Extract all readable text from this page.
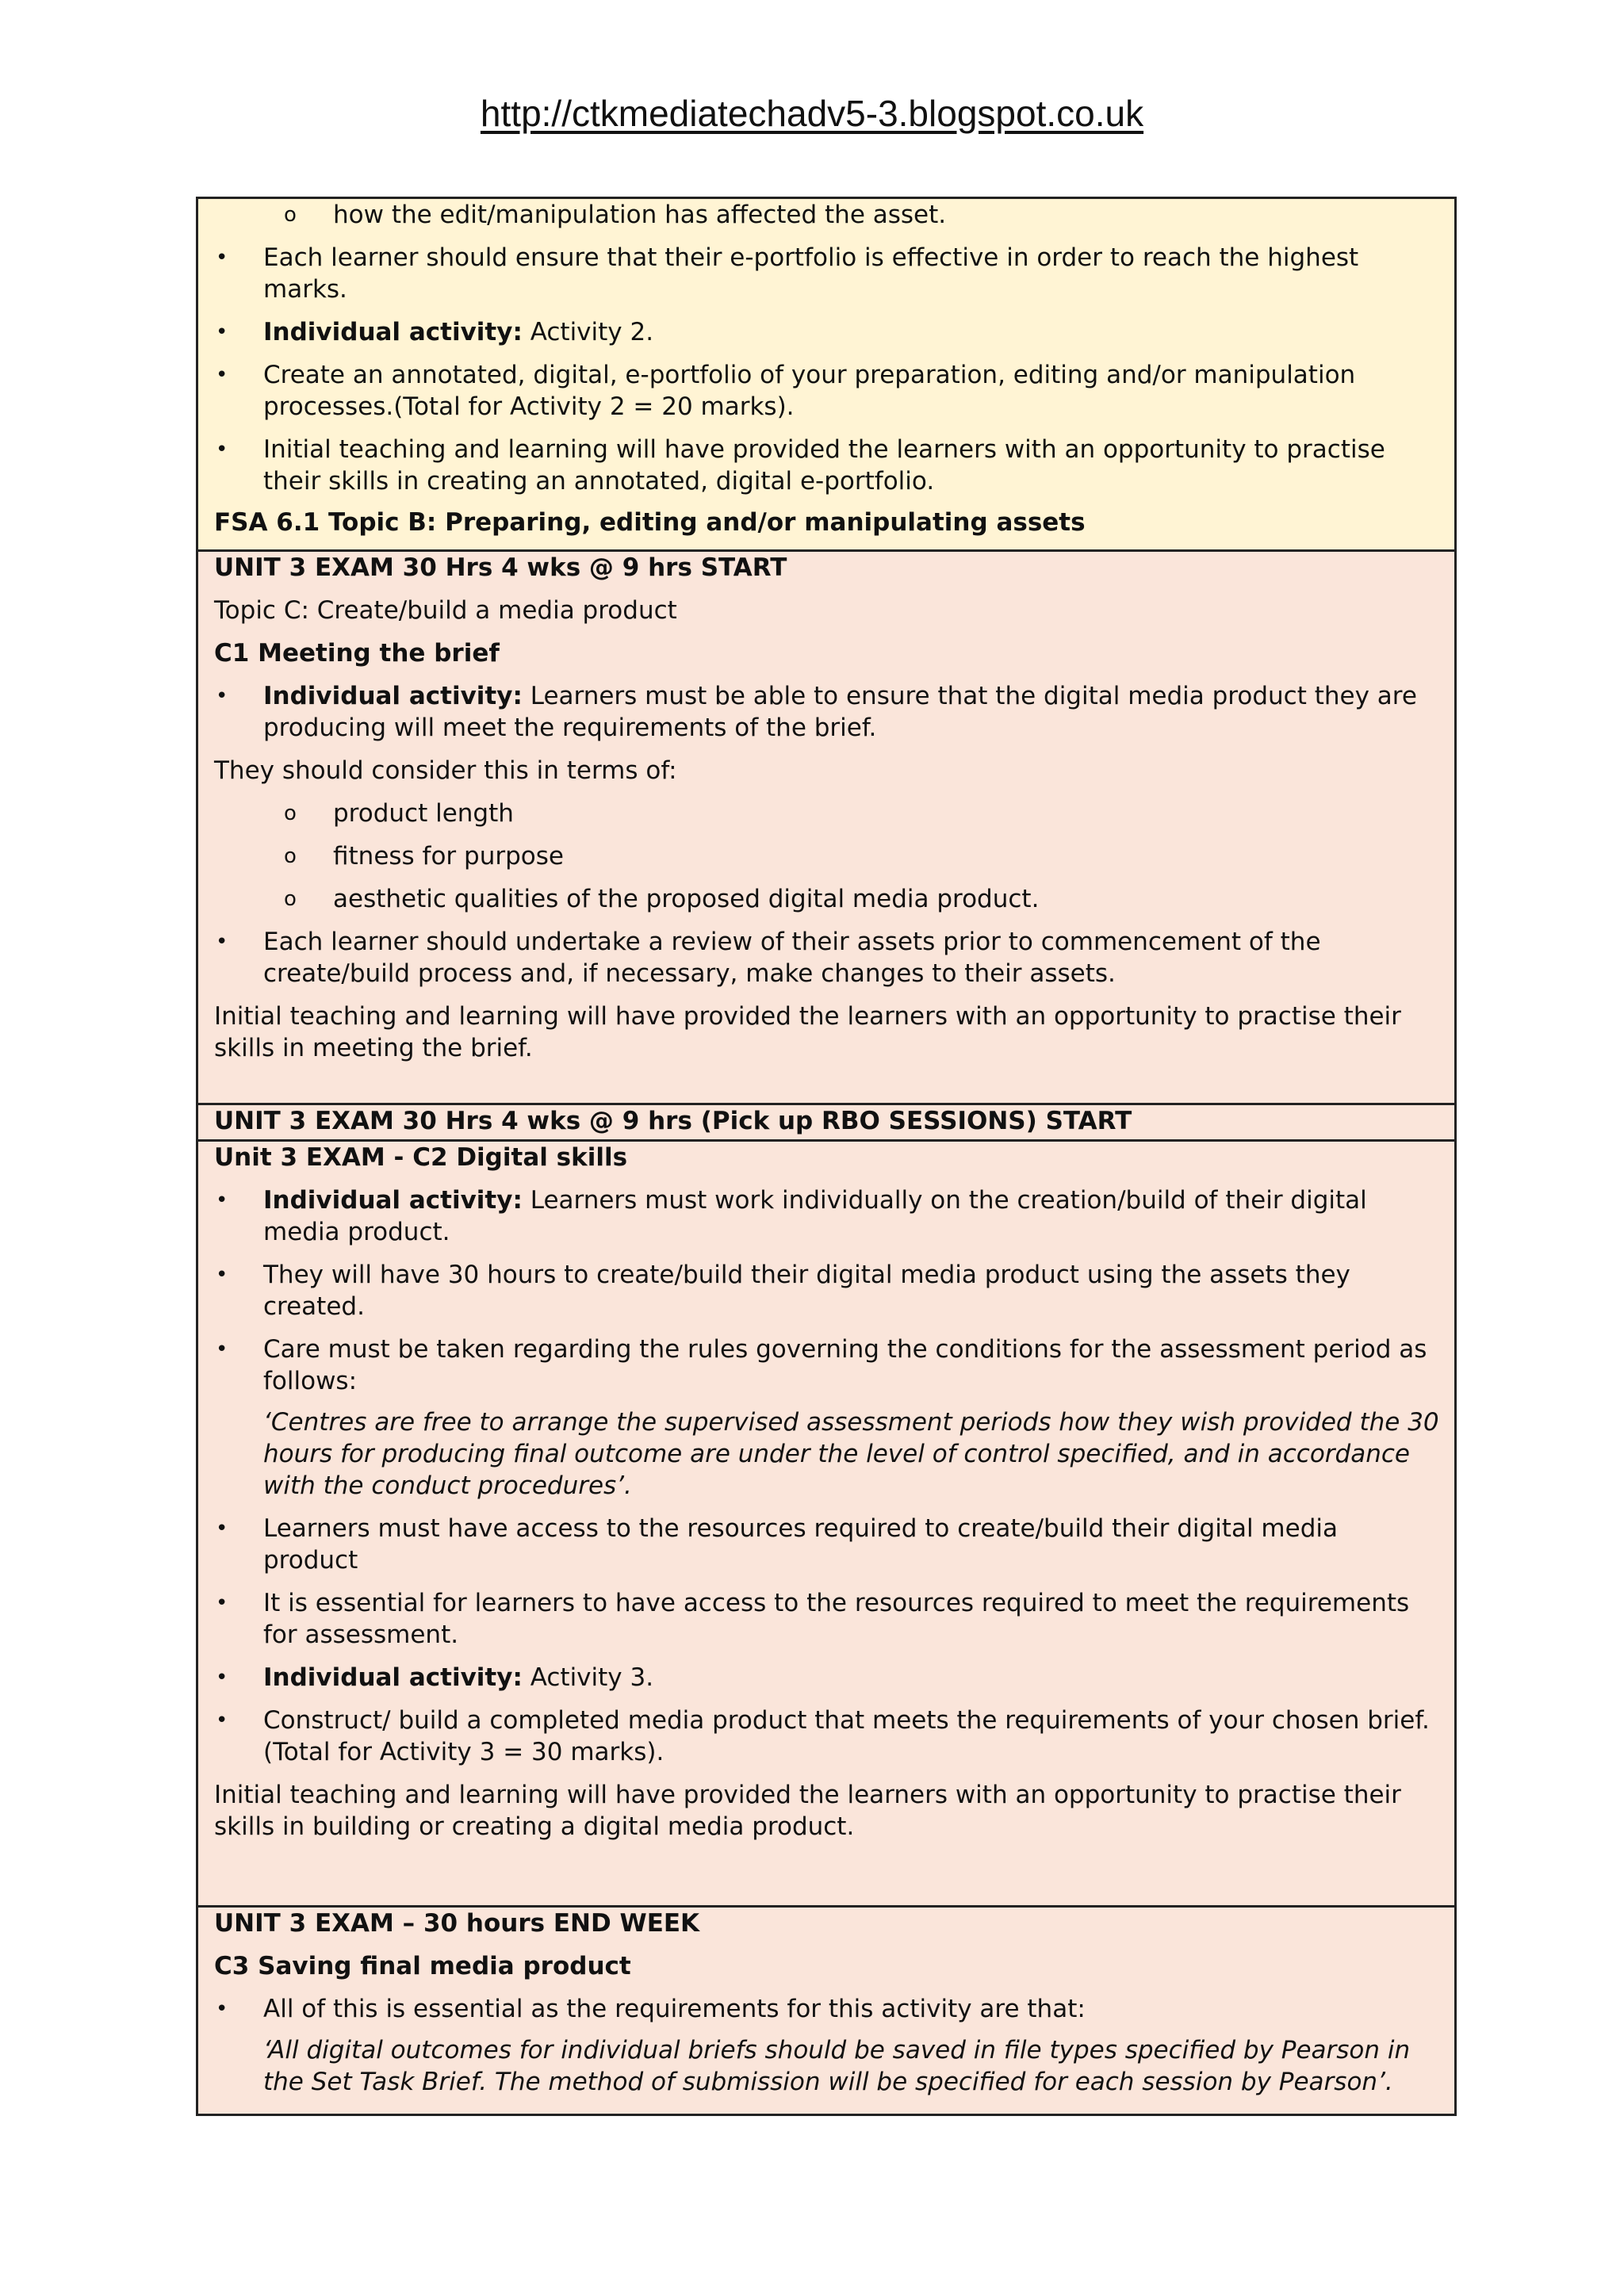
http://ctkmediatechadv5-3.blogspot.co.uk

o how the edit/manipulation has affected the asset.

• Each learner should ensure that their e-portfolio is effective in order to reach the highest marks.

• Individual activity: Activity 2.

• Create an annotated, digital, e-portfolio of your preparation, editing and/or manipulation processes.(Total for Activity 2 = 20 marks).

• Initial teaching and learning will have provided the learners with an opportunity to practise their skills in creating an annotated, digital e-portfolio.

FSA 6.1 Topic B: Preparing, editing and/or manipulating assets

UNIT 3 EXAM 30 Hrs 4 wks @ 9 hrs START

Topic C: Create/build a media product

C1 Meeting the brief

• Individual activity: Learners must be able to ensure that the digital media product they are producing will meet the requirements of the brief.

They should consider this in terms of:

o product length

o fitness for purpose

o aesthetic qualities of the proposed digital media product.

• Each learner should undertake a review of their assets prior to commencement of the create/build process and, if necessary, make changes to their assets.

Initial teaching and learning will have provided the learners with an opportunity to practise their skills in meeting the brief.

UNIT 3 EXAM 30 Hrs 4 wks @ 9 hrs (Pick up RBO SESSIONS) START

Unit 3 EXAM - C2 Digital skills

• Individual activity: Learners must work individually on the creation/build of their digital media product.

• They will have 30 hours to create/build their digital media product using the assets they created.

• Care must be taken regarding the rules governing the conditions for the assessment period as follows:

‘Centres are free to arrange the supervised assessment periods how they wish provided the 30 hours for producing final outcome are under the level of control specified, and in accordance with the conduct procedures’.

• Learners must have access to the resources required to create/build their digital media product

• It is essential for learners to have access to the resources required to meet the requirements for assessment.

• Individual activity: Activity 3.

• Construct/ build a completed media product that meets the requirements of your chosen brief. (Total for Activity 3 = 30 marks).

Initial teaching and learning will have provided the learners with an opportunity to practise their skills in building or creating a digital media product.

UNIT 3 EXAM – 30 hours END WEEK

C3 Saving final media product

• All of this is essential as the requirements for this activity are that:

‘All digital outcomes for individual briefs should be saved in file types specified by Pearson in the Set Task Brief. The method of submission will be specified for each session by Pearson’.
